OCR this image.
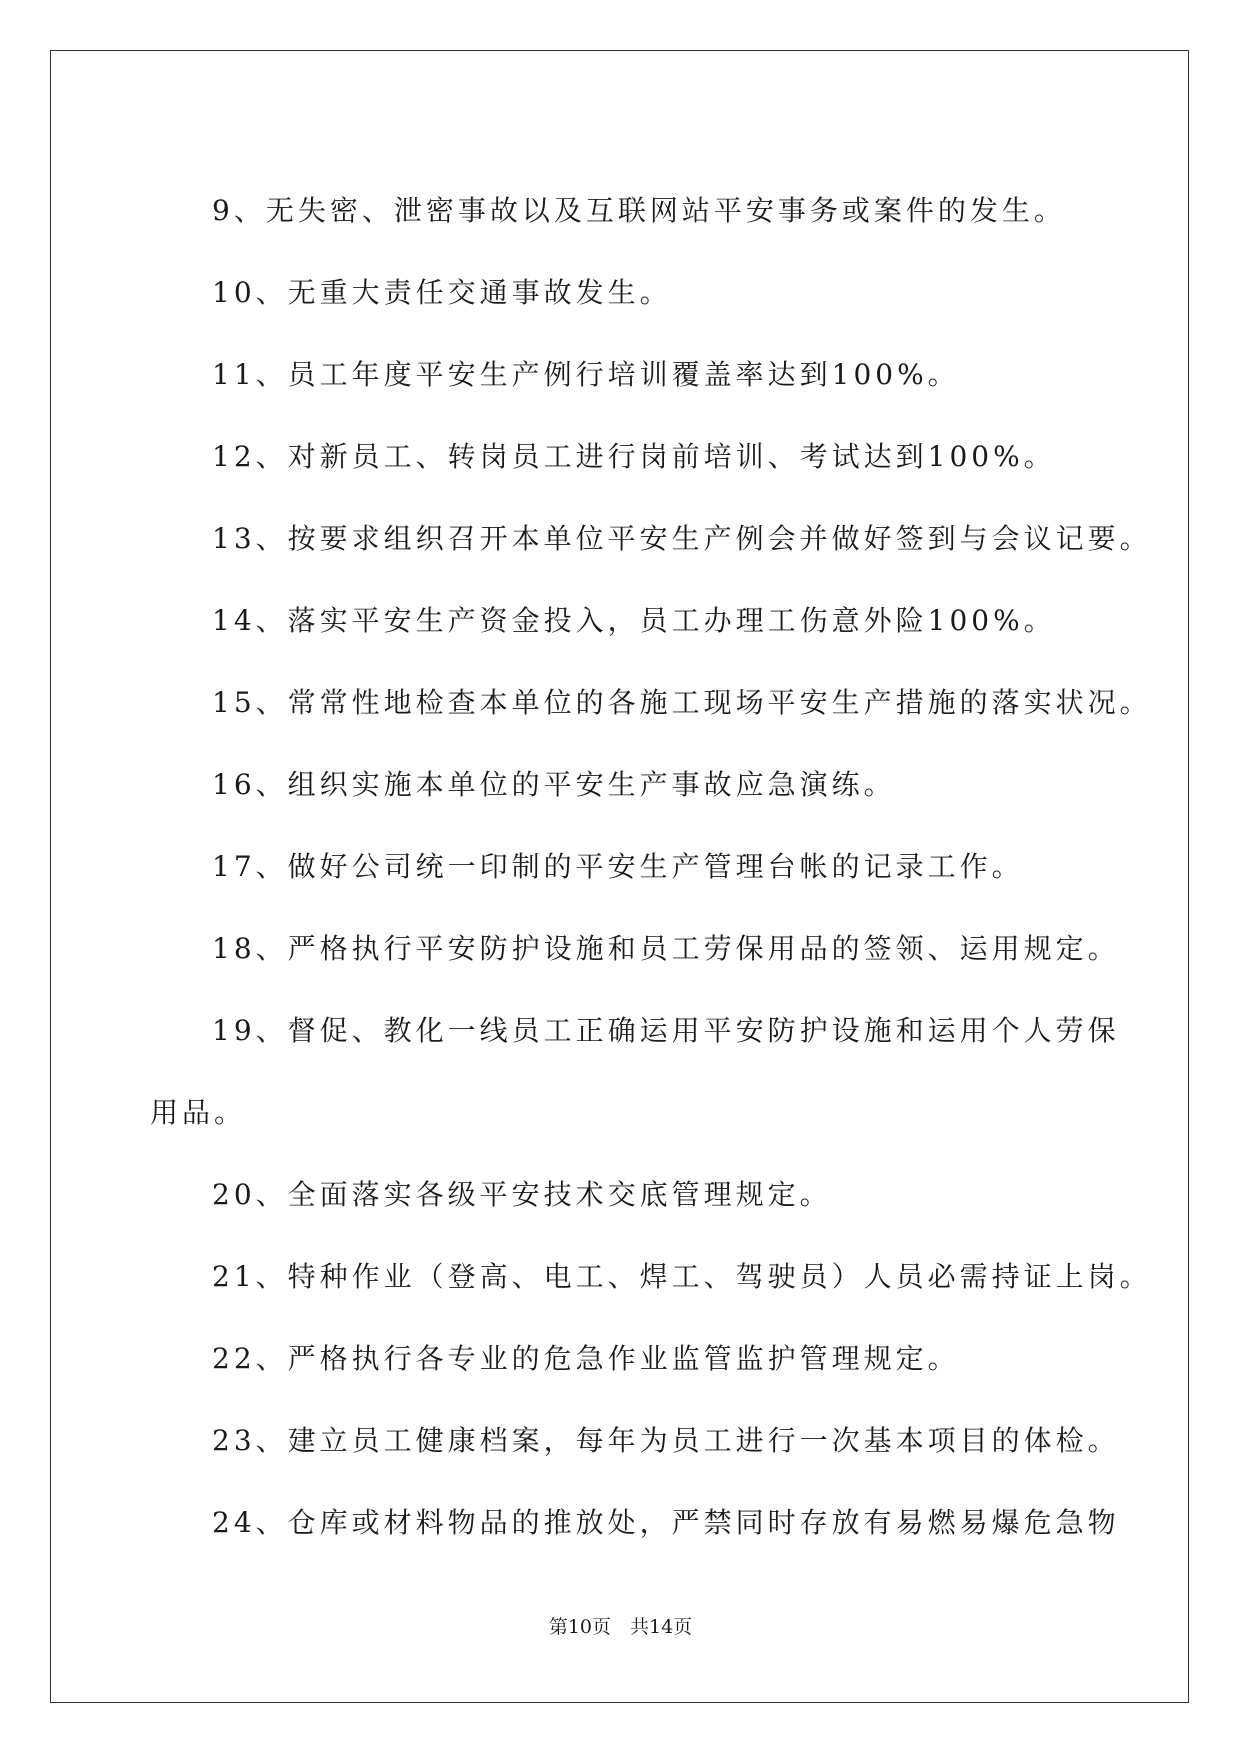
9、无失密、泄密事故以及互联网站平安事务或案件的发生。

10、无重大责任交通事故发生。

11、员工年度平安生产例行培训覆盖率达到100%。

12、对新员工、转岗员工进行岗前培训、考试达到100%。

13、按要求组织召开本单位平安生产例会并做好签到与会议记要。

14、落实平安生产资金投入，员工办理工伤意外险100%。

15、常常性地检查本单位的各施工现场平安生产措施的落实状况。

16、组织实施本单位的平安生产事故应急演练。

17、做好公司统一印制的平安生产管理台帐的记录工作。

18、严格执行平安防护设施和员工劳保用品的签领、运用规定。

19、督促、教化一线员工正确运用平安防护设施和运用个人劳保

用品。

20、全面落实各级平安技术交底管理规定。

21、特种作业（登高、电工、焊工、驾驶员）人员必需持证上岗。

22、严格执行各专业的危急作业监管监护管理规定。

23、建立员工健康档案，每年为员工进行一次基本项目的体检。

24、仓库或材料物品的推放处，严禁同时存放有易燃易爆危急物

第10页　共14页
